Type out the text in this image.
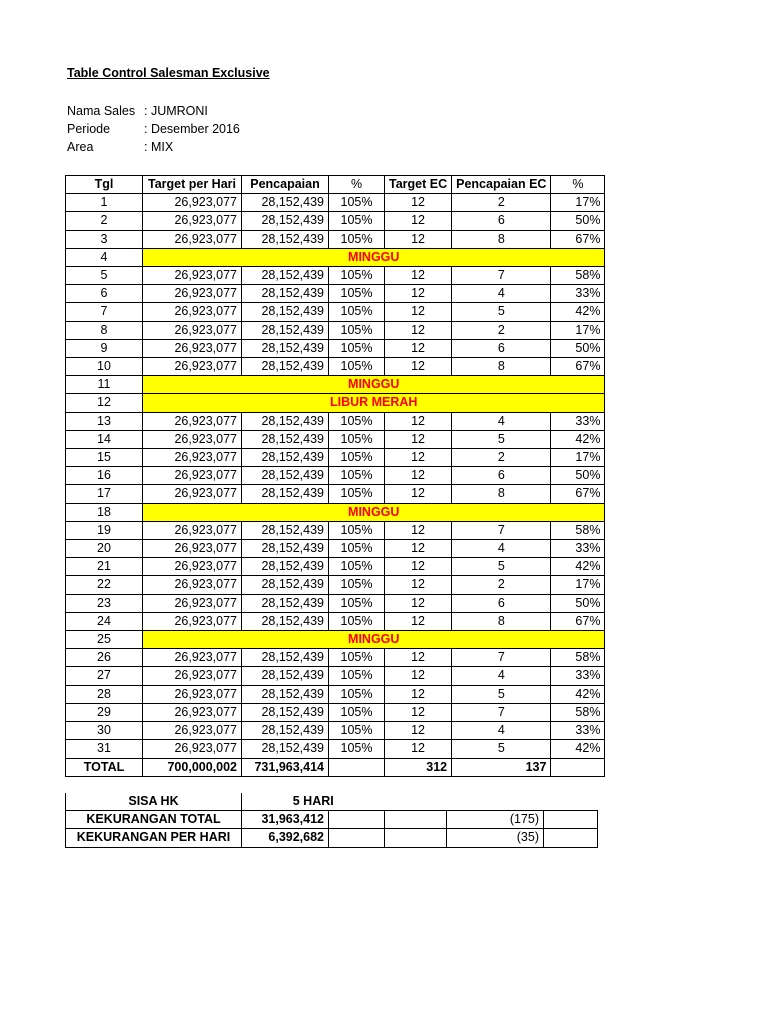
Table Control Salesman Exclusive
Nama Sales : JUMRONI
Periode	: Desember 2016
Area	: MIX
Tgl	Target per Hari	Pencapaian	%	Target EC	Pencapaian EC	%
1	26,923,077	28,152,439	105%	12	2	17%
2	26,923,077	28,152,439	105%	12	6	50%
3	26,923,077	28,152,439	105%	12	8	67%
4	MINGGU					
5	26,923,077	28,152,439	105%	12	7	58%
6	26,923,077	28,152,439	105%	12	4	33%
7	26,923,077	28,152,439	105%	12	5	42%
8	26,923,077	28,152,439	105%	12	2	17%
9	26,923,077	28,152,439	105%	12	6	50%
10	26,923,077	28,152,439	105%	12	8	67%
11	MINGGU					
12	LIBUR MERAH					
13	26,923,077	28,152,439	105%	12	4	33%
14	26,923,077	28,152,439	105%	12	5	42%
15	26,923,077	28,152,439	105%	12	2	17%
16	26,923,077	28,152,439	105%	12	6	50%
17	26,923,077	28,152,439	105%	12	8	67%
18	MINGGU					
19	26,923,077	28,152,439	105%	12	7	58%
20	26,923,077	28,152,439	105%	12	4	33%
21	26,923,077	28,152,439	105%	12	5	42%
22	26,923,077	28,152,439	105%	12	2	17%
23	26,923,077	28,152,439	105%	12	6	50%
24	26,923,077	28,152,439	105%	12	8	67%
25	MINGGU					
26	26,923,077	28,152,439	105%	12	7	58%
27	26,923,077	28,152,439	105%	12	4	33%
28	26,923,077	28,152,439	105%	12	5	42%
29	26,923,077	28,152,439	105%	12	7	58%
30	26,923,077	28,152,439	105%	12	4	33%
31	26,923,077	28,152,439	105%	12	5	42%
TOTAL	700,000,002	731,963,414		312	137	
SISA HK	5 HARI				
KEKURANGAN TOTAL	31,963,412			(175)	
KEKURANGAN PER HARI	6,392,682			(35)	
